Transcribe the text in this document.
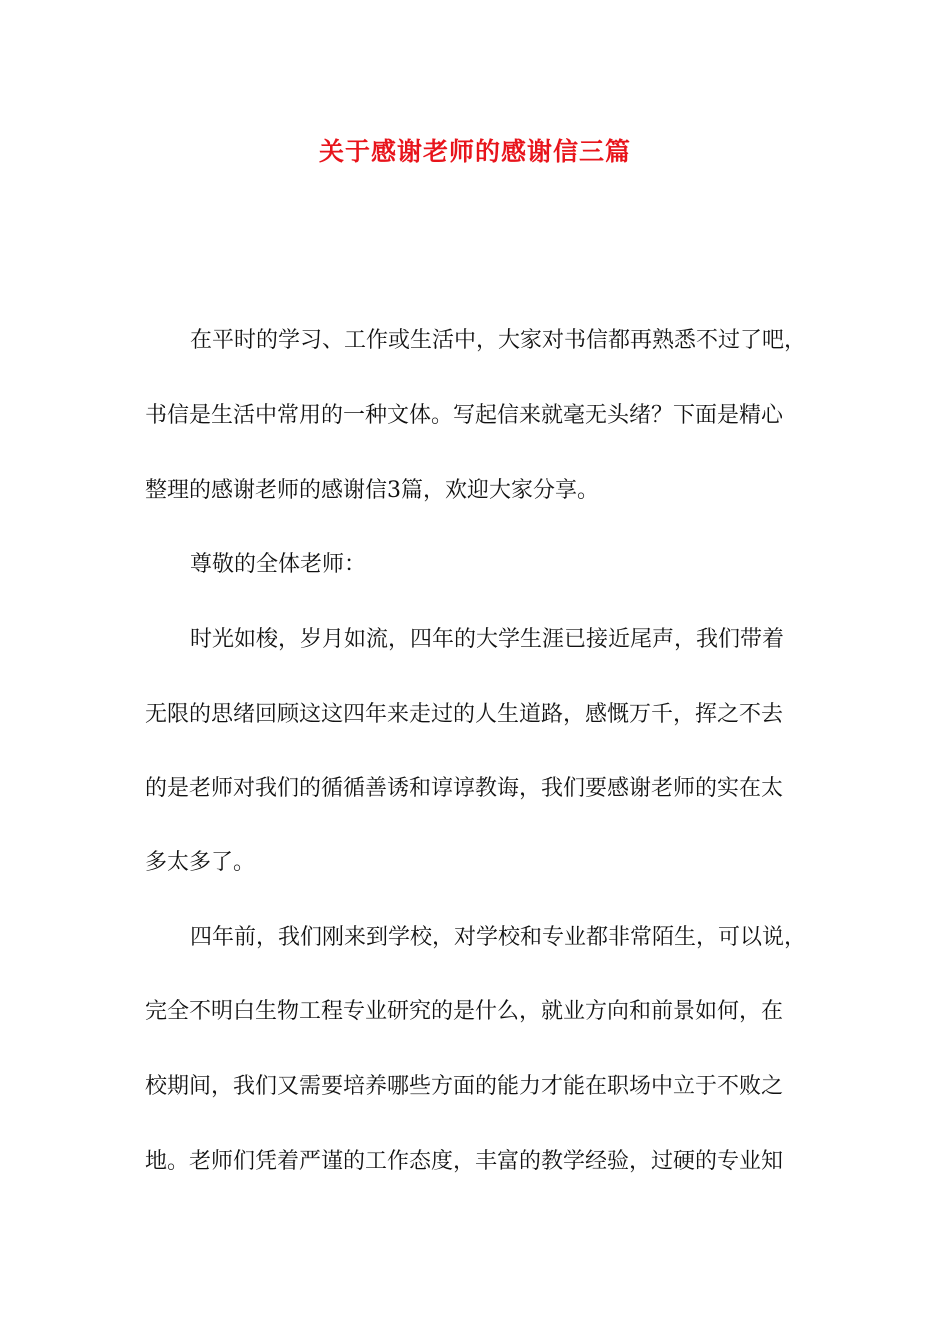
关于感谢老师的感谢信三篇
在平时的学习、工作或生活中，大家对书信都再熟悉不过了吧，
书信是生活中常用的一种文体。写起信来就毫无头绪？下面是精心
整理的感谢老师的感谢信3篇，欢迎大家分享。
尊敬的全体老师：
时光如梭，岁月如流，四年的大学生涯已接近尾声，我们带着
无限的思绪回顾这这四年来走过的人生道路，感慨万千，挥之不去
的是老师对我们的循循善诱和谆谆教诲，我们要感谢老师的实在太
多太多了。
四年前，我们刚来到学校，对学校和专业都非常陌生，可以说，
完全不明白生物工程专业研究的是什么，就业方向和前景如何，在
校期间，我们又需要培养哪些方面的能力才能在职场中立于不败之
地。老师们凭着严谨的工作态度，丰富的教学经验，过硬的专业知
